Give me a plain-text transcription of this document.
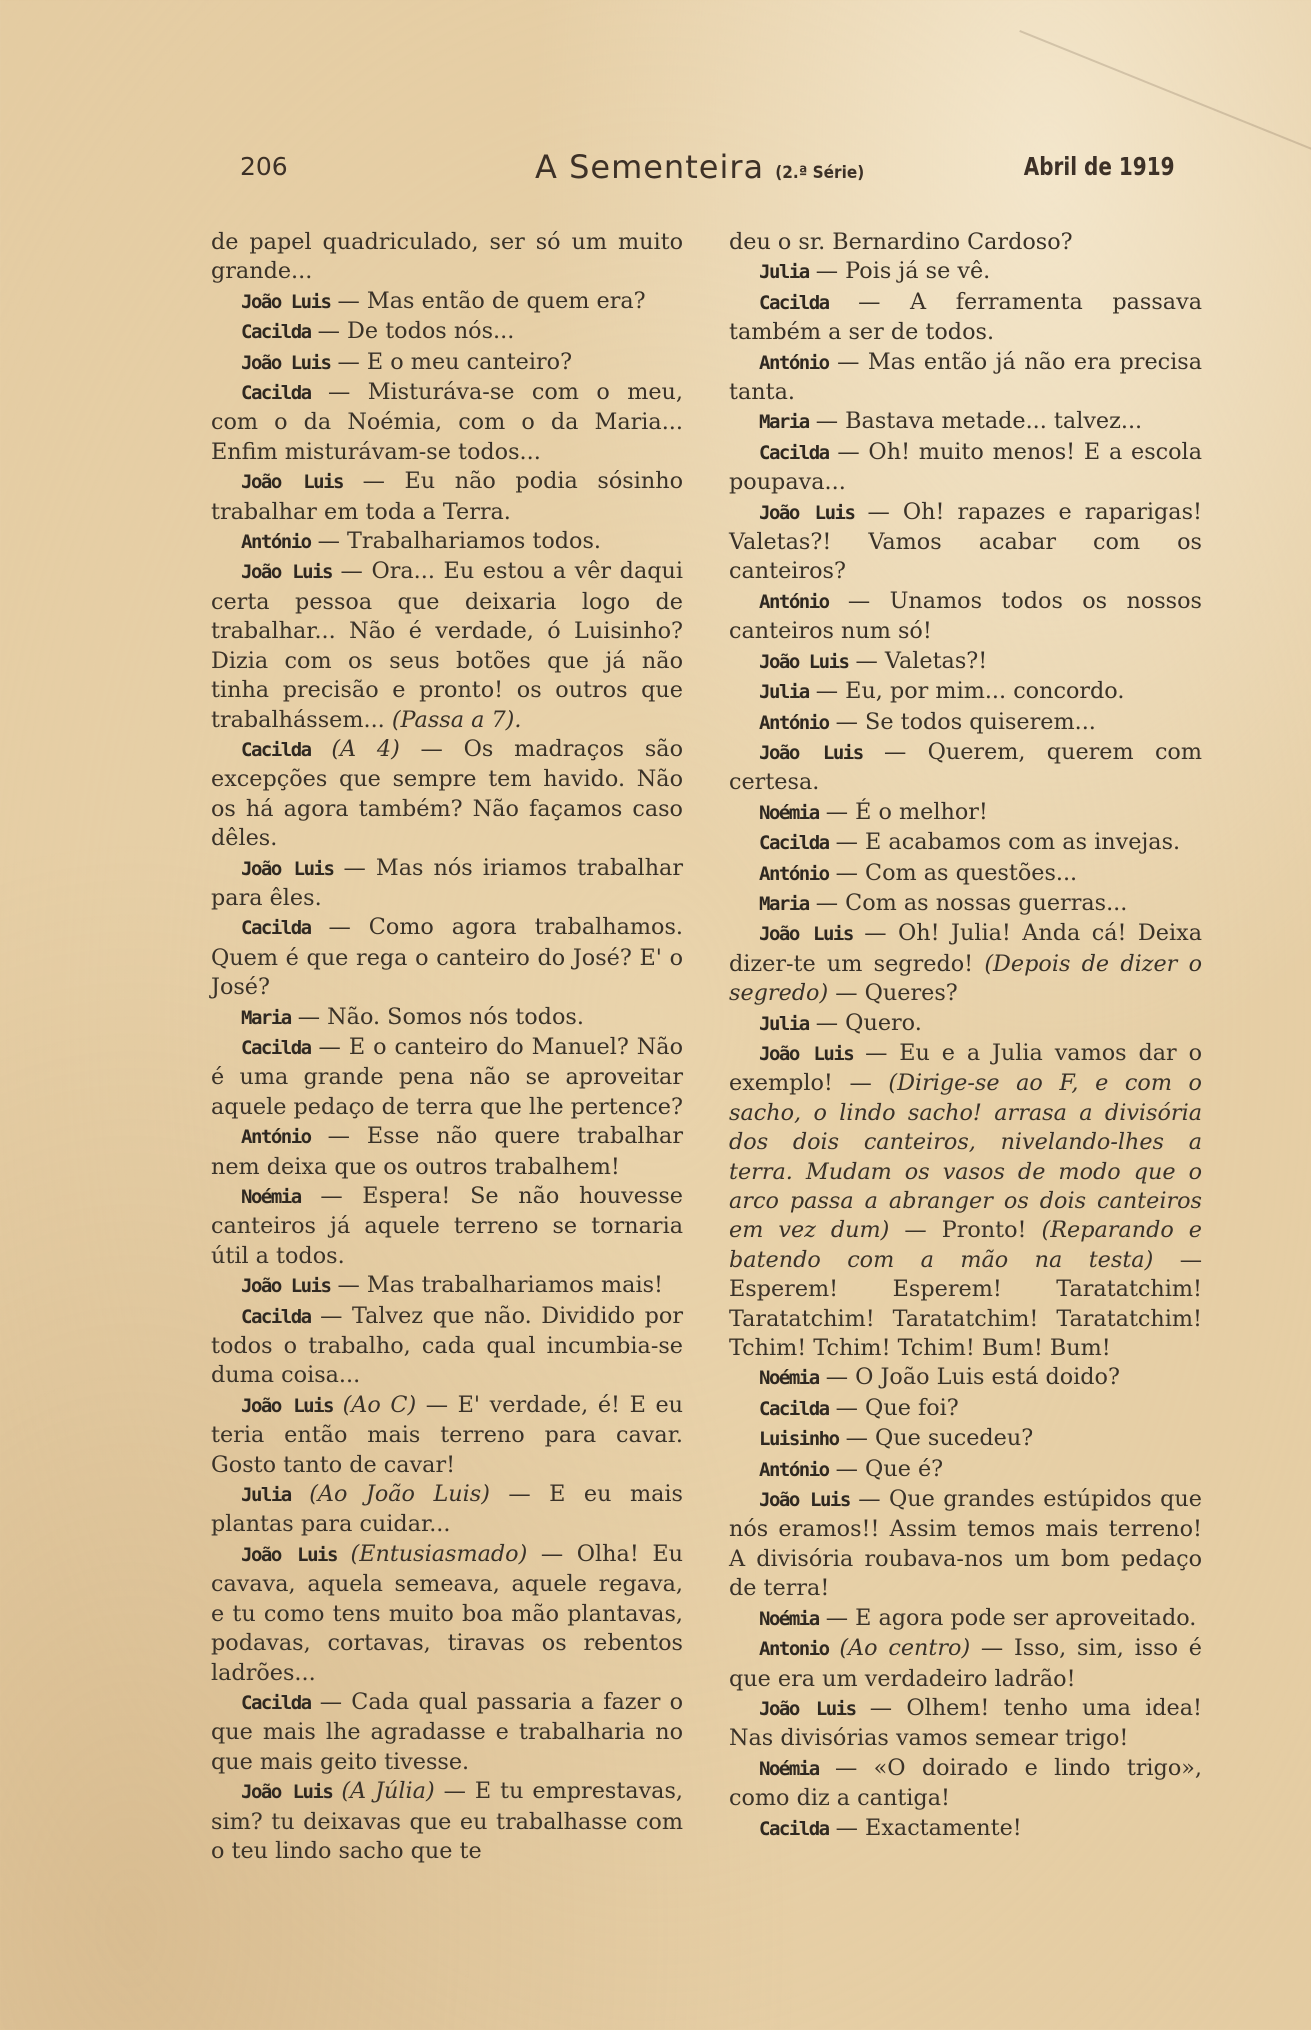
206	A Sementeira (2.ª Série)	Abril de 1919

de papel quadriculado, ser só um muito grande...

João Luis — Mas então de quem era?

Cacilda — De todos nós...

João Luis — E o meu canteiro?

Cacilda — Misturáva-se com o meu, com o da Noémia, com o da Maria... Enfim misturávam-se todos...

João Luis — Eu não podia sósinho trabalhar em toda a Terra.

António — Trabalhariamos todos.

João Luis — Ora... Eu estou a vêr daqui certa pessoa que deixaria logo de trabalhar... Não é verdade, ó Luisinho? Dizia com os seus botões que já não tinha precisão e pronto! os outros que trabalhássem... (Passa a 7).

Cacilda (A 4) — Os madraços são excepções que sempre tem havido. Não os há agora também? Não façamos caso dêles.

João Luis — Mas nós iriamos trabalhar para êles.

Cacilda — Como agora trabalhamos. Quem é que rega o canteiro do José? E' o José?

Maria — Não. Somos nós todos.

Cacilda — E o canteiro do Manuel? Não é uma grande pena não se aproveitar aquele pedaço de terra que lhe pertence?

António — Esse não quere trabalhar nem deixa que os outros trabalhem!

Noémia — Espera! Se não houvesse canteiros já aquele terreno se tornaria útil a todos.

João Luis — Mas trabalhariamos mais!

Cacilda — Talvez que não. Dividido por todos o trabalho, cada qual incumbia-se duma coisa...

João Luis (Ao C) — E' verdade, é! E eu teria então mais terreno para cavar. Gosto tanto de cavar!

Julia (Ao João Luis) — E eu mais plantas para cuidar...

João Luis (Entusiasmado) — Olha! Eu cavava, aquela semeava, aquele regava, e tu como tens muito boa mão plantavas, podavas, cortavas, tiravas os rebentos ladrões...

Cacilda — Cada qual passaria a fazer o que mais lhe agradasse e trabalharia no que mais geito tivesse.

João Luis (A Júlia) — E tu emprestavas, sim? tu deixavas que eu trabalhasse com o teu lindo sacho que te

deu o sr. Bernardino Cardoso?

Julia — Pois já se vê.

Cacilda — A ferramenta passava também a ser de todos.

António — Mas então já não era precisa tanta.

Maria — Bastava metade... talvez...

Cacilda — Oh! muito menos! E a escola poupava...

João Luis — Oh! rapazes e raparigas! Valetas?! Vamos acabar com os canteiros?

António — Unamos todos os nossos canteiros num só!

João Luis — Valetas?!

Julia — Eu, por mim... concordo.

António — Se todos quiserem...

João Luis — Querem, querem com certesa.

Noémia — É o melhor!

Cacilda — E acabamos com as invejas.

António — Com as questões...

Maria — Com as nossas guerras...

João Luis — Oh! Julia! Anda cá! Deixa dizer-te um segredo! (Depois de dizer o segredo) — Queres?

Julia — Quero.

João Luis — Eu e a Julia vamos dar o exemplo! — (Dirige-se ao F, e com o sacho, o lindo sacho! arrasa a divisória dos dois canteiros, nivelando-lhes a terra. Mudam os vasos de modo que o arco passa a abranger os dois canteiros em vez dum) — Pronto! (Reparando e batendo com a mão na testa) — Esperem! Esperem! Taratatchim! Taratatchim! Taratatchim! Taratatchim! Tchim! Tchim! Tchim! Bum! Bum!

Noémia — O João Luis está doido?

Cacilda — Que foi?

Luisinho — Que sucedeu?

António — Que é?

João Luis — Que grandes estúpidos que nós eramos!! Assim temos mais terreno! A divisória roubava-nos um bom pedaço de terra!

Noémia — E agora pode ser aproveitado.

Antonio (Ao centro) — Isso, sim, isso é que era um verdadeiro ladrão!

João Luis — Olhem! tenho uma idea! Nas divisórias vamos semear trigo!

Noémia — «O doirado e lindo trigo», como diz a cantiga!

Cacilda — Exactamente!
